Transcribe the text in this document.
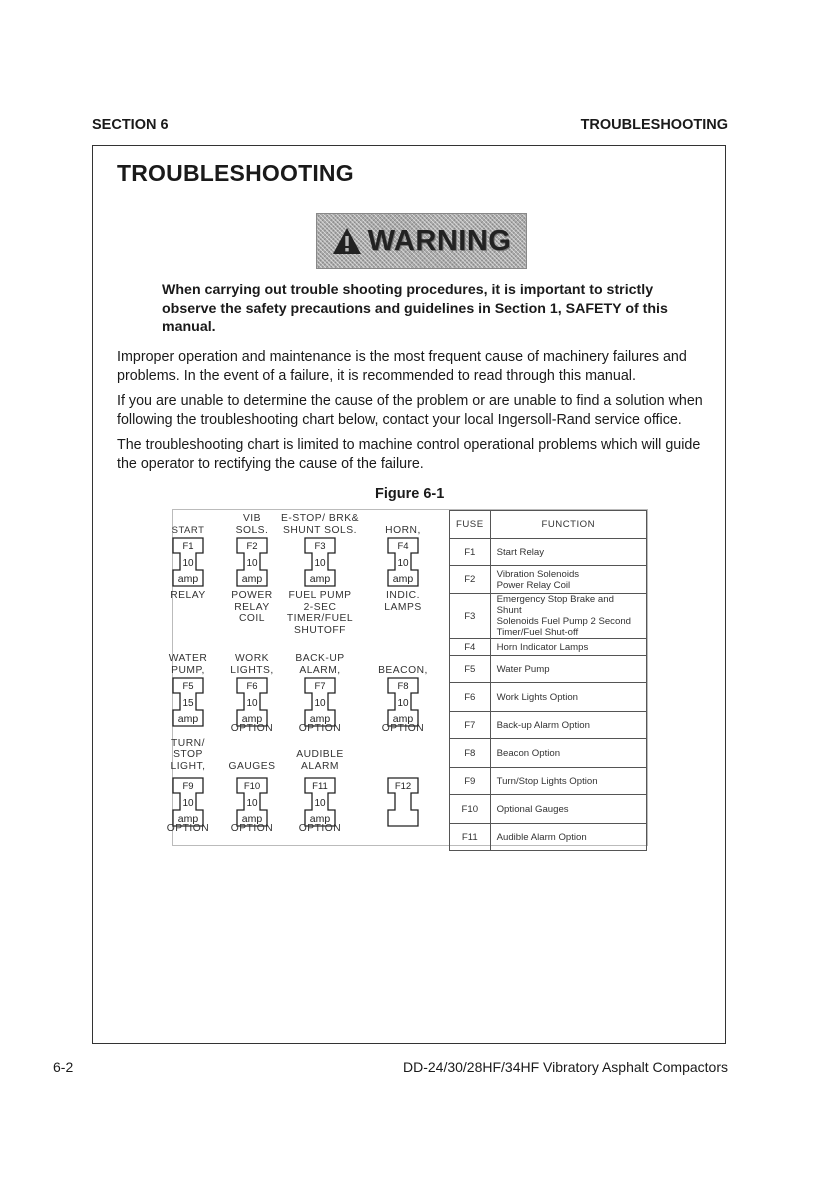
SECTION 6	TROUBLESHOOTING
TROUBLESHOOTING
WARNING
When carrying out trouble shooting procedures, it is important to strictly observe the safety precautions and guidelines in Section 1, SAFETY of this manual.
Improper operation and maintenance is the most frequent cause of machinery failures and problems. In the event of a failure, it is recommended to read through this manual.
If you are unable to determine the cause of the problem or are unable to find a solution when following the troubleshooting chart below, contact your local Ingersoll-Rand service office.
The troubleshooting chart is limited to machine control operational problems which will guide the operator to rectifying the cause of the failure.
Figure 6-1
F1
10
amp
START
RELAY
F2
10
amp
VIB
SOLS.
POWER
RELAY
COIL
F3
10
amp
E-STOP/ BRK&
SHUNT SOLS.
FUEL PUMP
2-SEC
TIMER/FUEL
SHUTOFF
F4
10
amp
HORN,
INDIC.
LAMPS
F5
15
amp
WATER
PUMP,
F6
10
amp
WORK
LIGHTS,
OPTION
F7
10
amp
BACK-UP
ALARM,
OPTION
F8
10
amp
BEACON,
OPTION
F9
10
amp
TURN/
STOP
LIGHT,
OPTION
F10
10
amp
GAUGES
OPTION
F11
10
amp
AUDIBLE
ALARM
OPTION
F12
FUSE	FUNCTION
F1	Start Relay
F2	Vibration Solenoids
Power Relay Coil
F3	Emergency Stop Brake and Shunt
Solenoids Fuel Pump 2 Second
Timer/Fuel Shut-off
F4	Horn Indicator Lamps
F5	Water Pump
F6	Work Lights Option
F7	Back-up Alarm Option
F8	Beacon Option
F9	Turn/Stop Lights Option
F10	Optional Gauges
F11	Audible Alarm Option
6-2	DD-24/30/28HF/34HF Vibratory Asphalt Compactors
